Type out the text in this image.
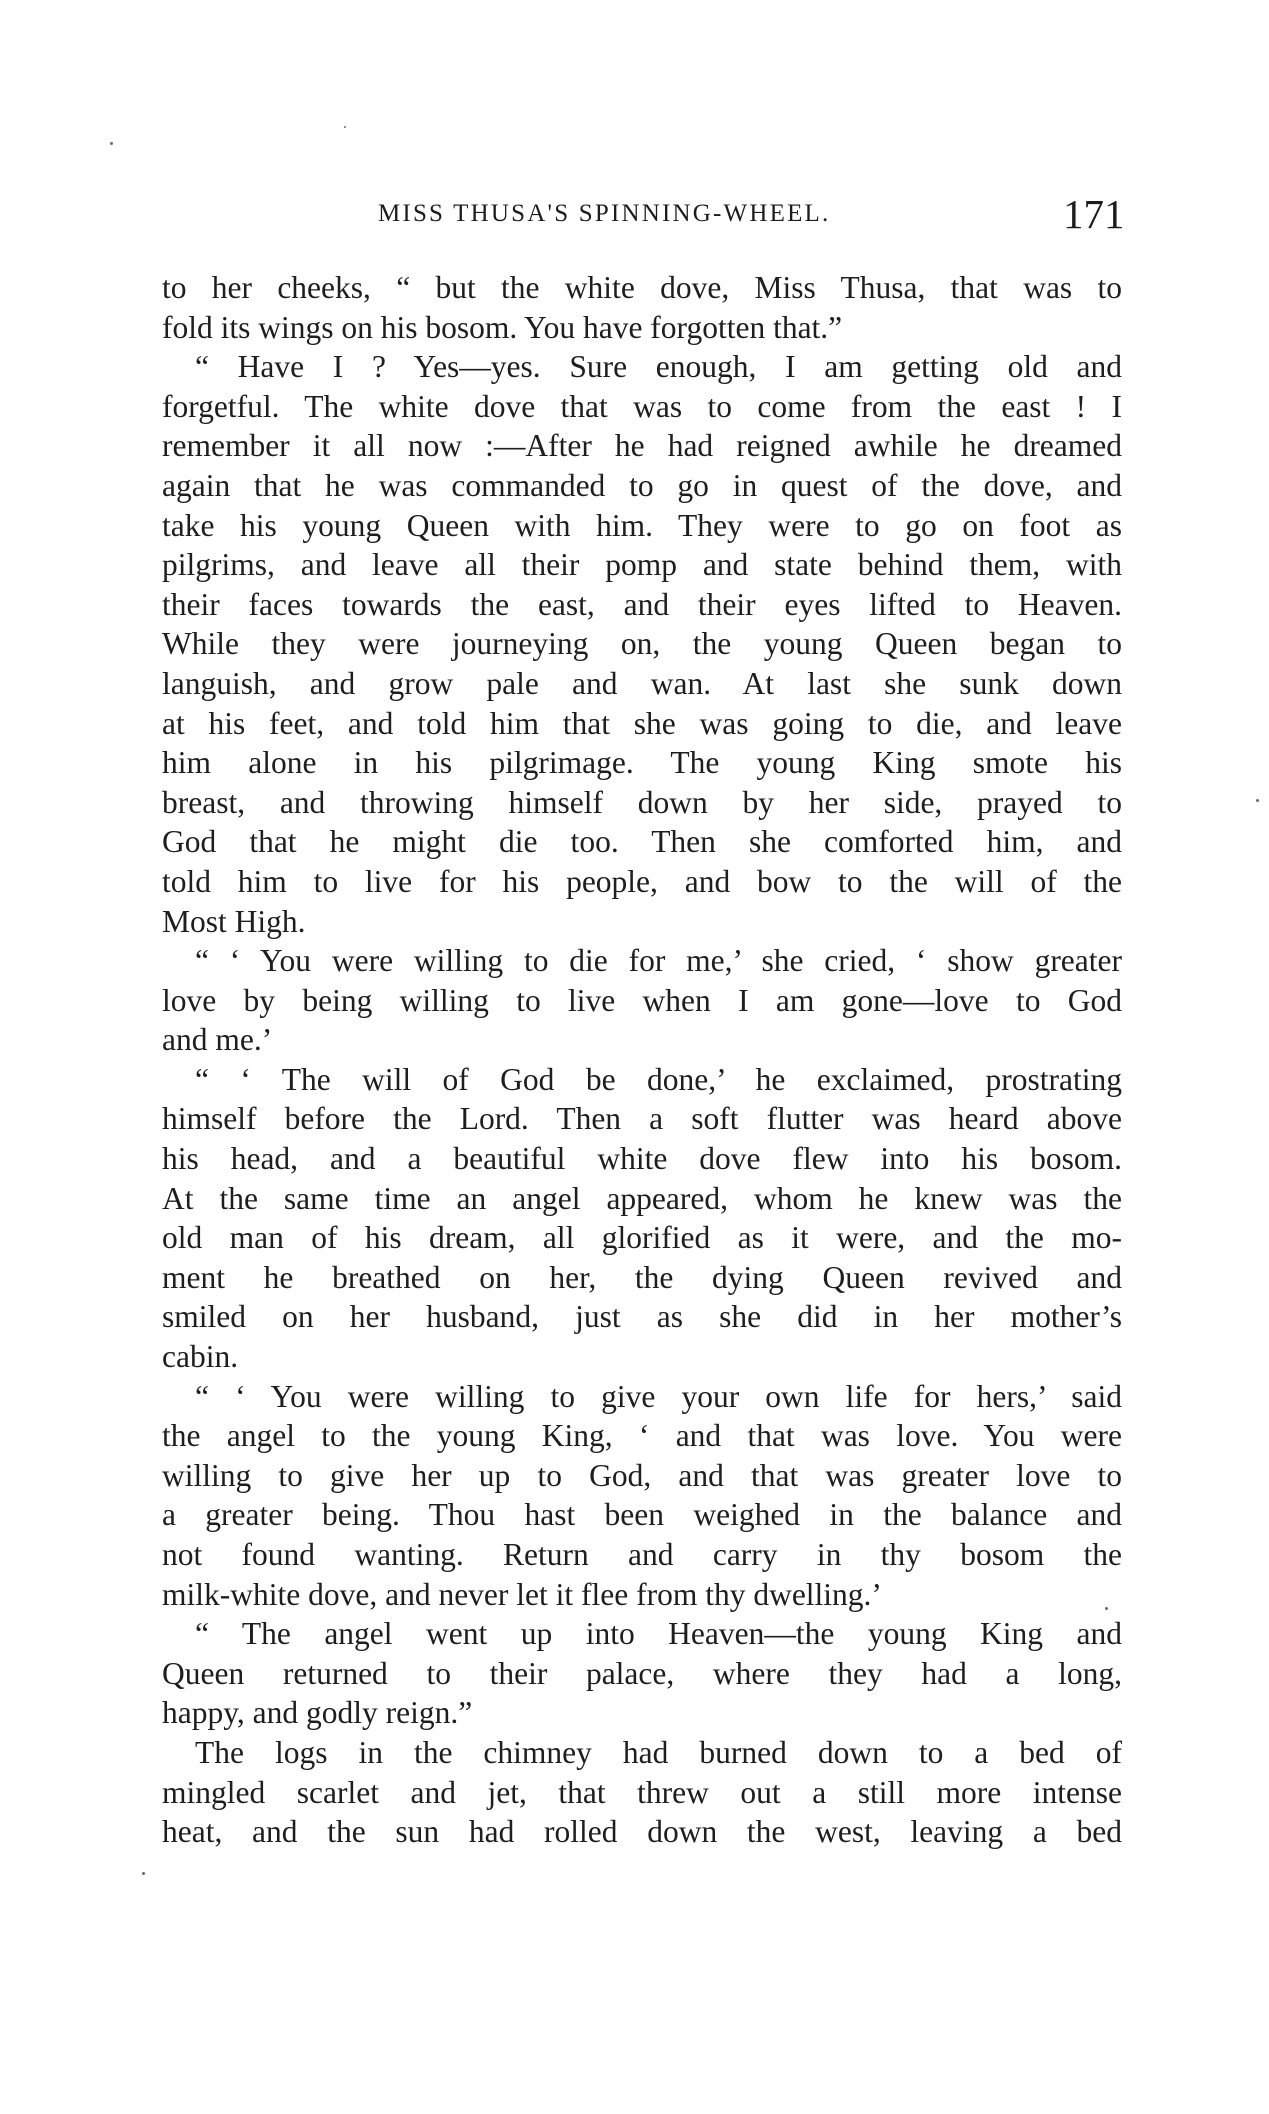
MISS THUSA'S SPINNING-WHEEL.	171
to her cheeks, “ but the white dove, Miss Thusa, that was to
fold its wings on his bosom. You have forgotten that.”
“ Have I ? Yes—yes. Sure enough, I am getting old and
forgetful. The white dove that was to come from the east ! I
remember it all now :—After he had reigned awhile he dreamed
again that he was commanded to go in quest of the dove, and
take his young Queen with him. They were to go on foot as
pilgrims, and leave all their pomp and state behind them, with
their faces towards the east, and their eyes lifted to Heaven.
While they were journeying on, the young Queen began to
languish, and grow pale and wan. At last she sunk down
at his feet, and told him that she was going to die, and leave
him alone in his pilgrimage. The young King smote his
breast, and throwing himself down by her side, prayed to
God that he might die too. Then she comforted him, and
told him to live for his people, and bow to the will of the
Most High.
“ ‘ You were willing to die for me,’ she cried, ‘ show greater
love by being willing to live when I am gone—love to God
and me.’
“ ‘ The will of God be done,’ he exclaimed, prostrating
himself before the Lord. Then a soft flutter was heard above
his head, and a beautiful white dove flew into his bosom.
At the same time an angel appeared, whom he knew was the
old man of his dream, all glorified as it were, and the mo-
ment he breathed on her, the dying Queen revived and
smiled on her husband, just as she did in her mother’s
cabin.
“ ‘ You were willing to give your own life for hers,’ said
the angel to the young King, ‘ and that was love. You were
willing to give her up to God, and that was greater love to
a greater being. Thou hast been weighed in the balance and
not found wanting. Return and carry in thy bosom the
milk-white dove, and never let it flee from thy dwelling.’
“ The angel went up into Heaven—the young King and
Queen returned to their palace, where they had a long,
happy, and godly reign.”
The logs in the chimney had burned down to a bed of
mingled scarlet and jet, that threw out a still more intense
heat, and the sun had rolled down the west, leaving a bed
